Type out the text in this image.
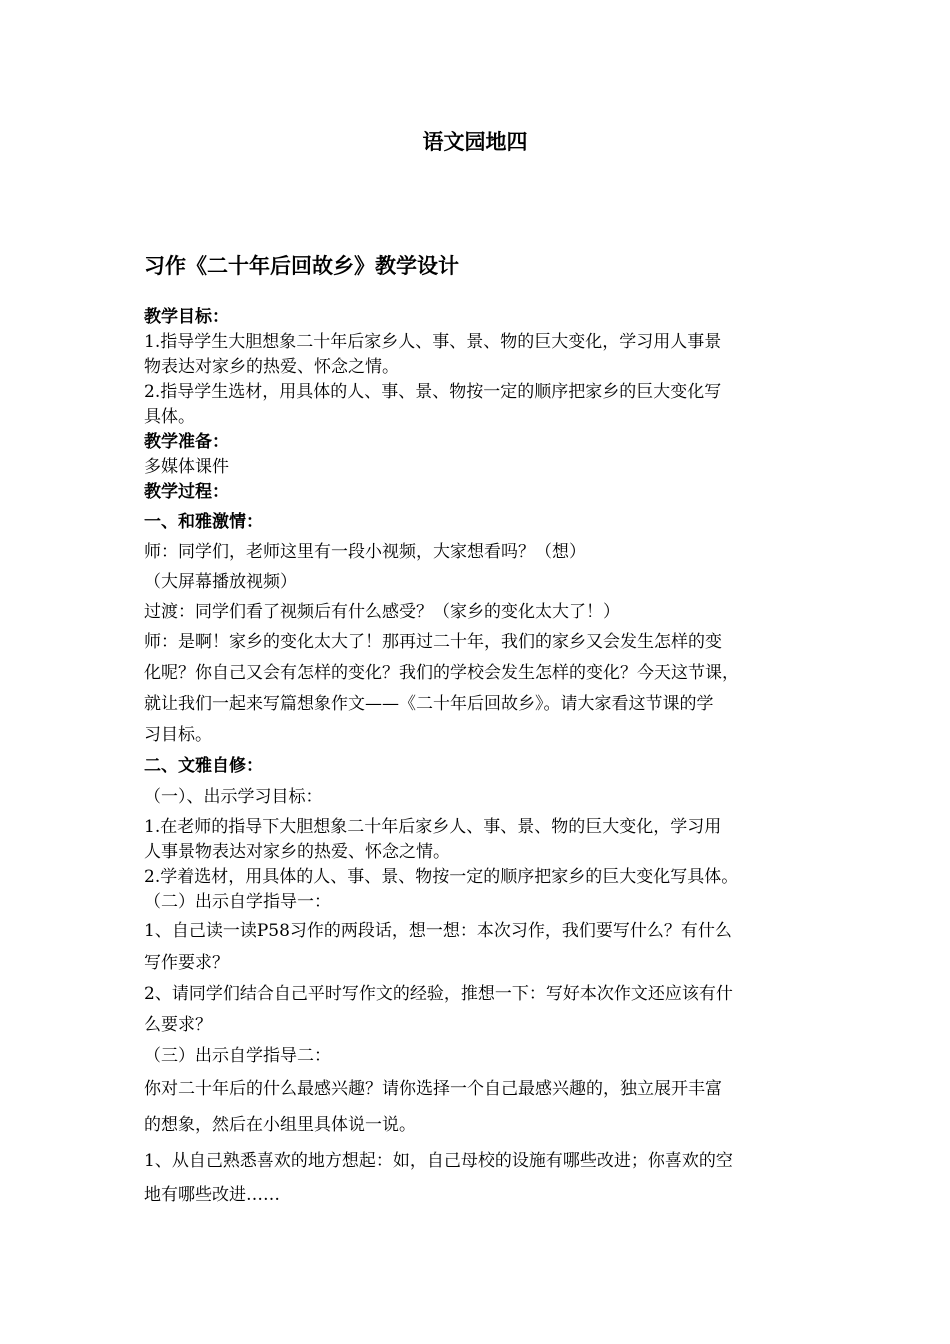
语文园地四
习作《二十年后回故乡》教学设计
教学目标：
1.指导学生大胆想象二十年后家乡人、事、景、物的巨大变化，学习用人事景
物表达对家乡的热爱、怀念之情。
2.指导学生选材，用具体的人、事、景、物按一定的顺序把家乡的巨大变化写
具体。
教学准备：
多媒体课件
教学过程：
一、和雅激情：
师：同学们，老师这里有一段小视频，大家想看吗？（想）
（大屏幕播放视频）
过渡：同学们看了视频后有什么感受？（家乡的变化太大了！）
师：是啊！家乡的变化太大了！那再过二十年，我们的家乡又会发生怎样的变
化呢？你自己又会有怎样的变化？我们的学校会发生怎样的变化？今天这节课，
就让我们一起来写篇想象作文——《二十年后回故乡》。请大家看这节课的学
习目标。
二、文雅自修：
（一）、出示学习目标：
1.在老师的指导下大胆想象二十年后家乡人、事、景、物的巨大变化，学习用
人事景物表达对家乡的热爱、怀念之情。
2.学着选材，用具体的人、事、景、物按一定的顺序把家乡的巨大变化写具体。
（二）出示自学指导一：
1、自己读一读P58习作的两段话，想一想：本次习作，我们要写什么？有什么
写作要求？
2、请同学们结合自己平时写作文的经验，推想一下：写好本次作文还应该有什
么要求？
（三）出示自学指导二：
你对二十年后的什么最感兴趣？请你选择一个自己最感兴趣的，独立展开丰富
的想象，然后在小组里具体说一说。
1、从自己熟悉喜欢的地方想起：如，自己母校的设施有哪些改进；你喜欢的空
地有哪些改进……
